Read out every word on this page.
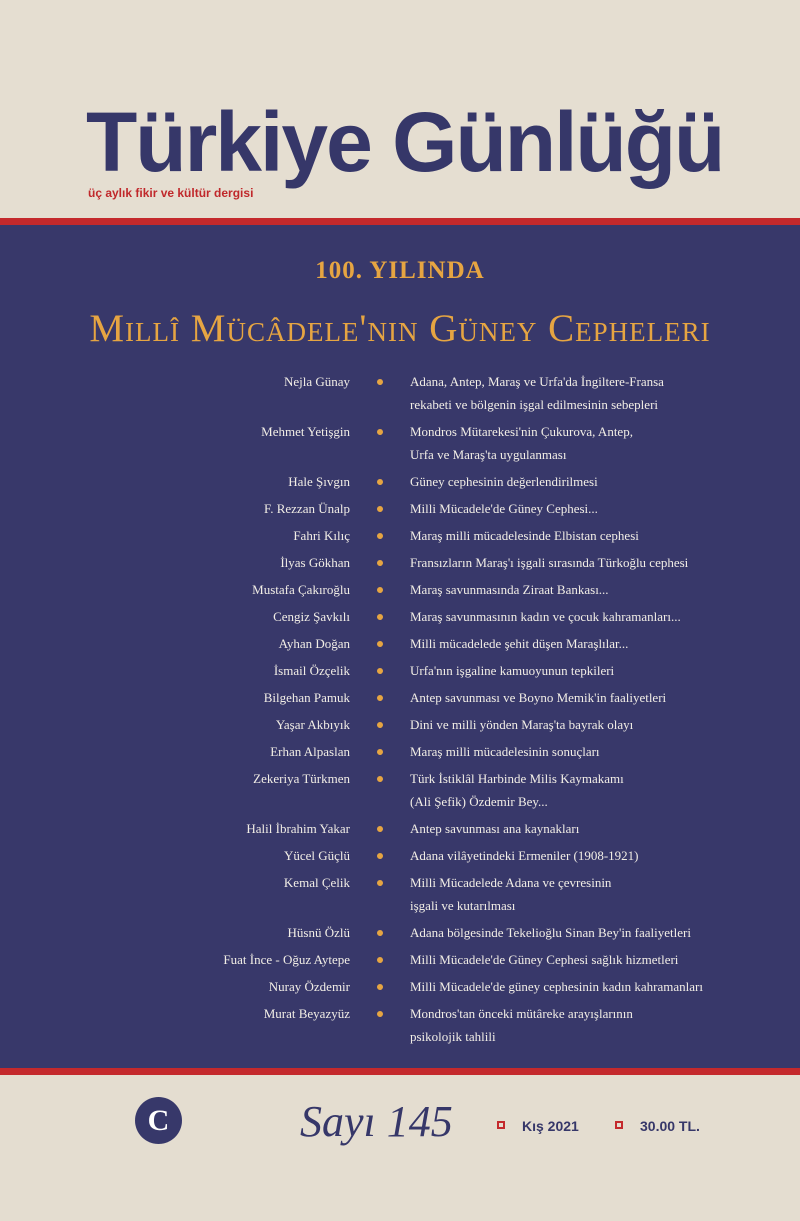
Türkiye Günlüğü
üç aylık fikir ve kültür dergisi
100. YILINDA
Millî Mücâdele'nin Güney Cepheleri
Nejla Günay	Adana, Antep, Maraş ve Urfa'da İngiltere-Fransa
rekabeti ve bölgenin işgal edilmesinin sebepleri
Mehmet Yetişgin	Mondros Mütarekesi'nin Çukurova, Antep,
Urfa ve Maraş'ta uygulanması
Hale Şıvgın	Güney cephesinin değerlendirilmesi
F. Rezzan Ünalp	Milli Mücadele'de Güney Cephesi...
Fahri Kılıç	Maraş milli mücadelesinde Elbistan cephesi
İlyas Gökhan	Fransızların Maraş'ı işgali sırasında Türkoğlu cephesi
Mustafa Çakıroğlu	Maraş savunmasında Ziraat Bankası...
Cengiz Şavkılı	Maraş savunmasının kadın ve çocuk kahramanları...
Ayhan Doğan	Milli mücadelede şehit düşen Maraşlılar...
İsmail Özçelik	Urfa'nın işgaline kamuoyunun tepkileri
Bilgehan Pamuk	Antep savunması ve Boyno Memik'in faaliyetleri
Yaşar Akbıyık	Dini ve milli yönden Maraş'ta bayrak olayı
Erhan Alpaslan	Maraş milli mücadelesinin sonuçları
Zekeriya Türkmen	Türk İstiklâl Harbinde Milis Kaymakamı
(Ali Şefik) Özdemir Bey...
Halil İbrahim Yakar	Antep savunması ana kaynakları
Yücel Güçlü	Adana vilâyetindeki Ermeniler (1908-1921)
Kemal Çelik	Milli Mücadelede Adana ve çevresinin
işgali ve kutarılması
Hüsnü Özlü	Adana bölgesinde Tekelioğlu Sinan Bey'in faaliyetleri
Fuat İnce - Oğuz Aytepe	Milli Mücadele'de Güney Cephesi sağlık hizmetleri
Nuray Özdemir	Milli Mücadele'de güney cephesinin kadın kahramanları
Murat Beyazyüz	Mondros'tan önceki mütâreke arayışlarının
psikolojik tahlili
C	Sayı 145	Kış 2021	30.00 TL.
